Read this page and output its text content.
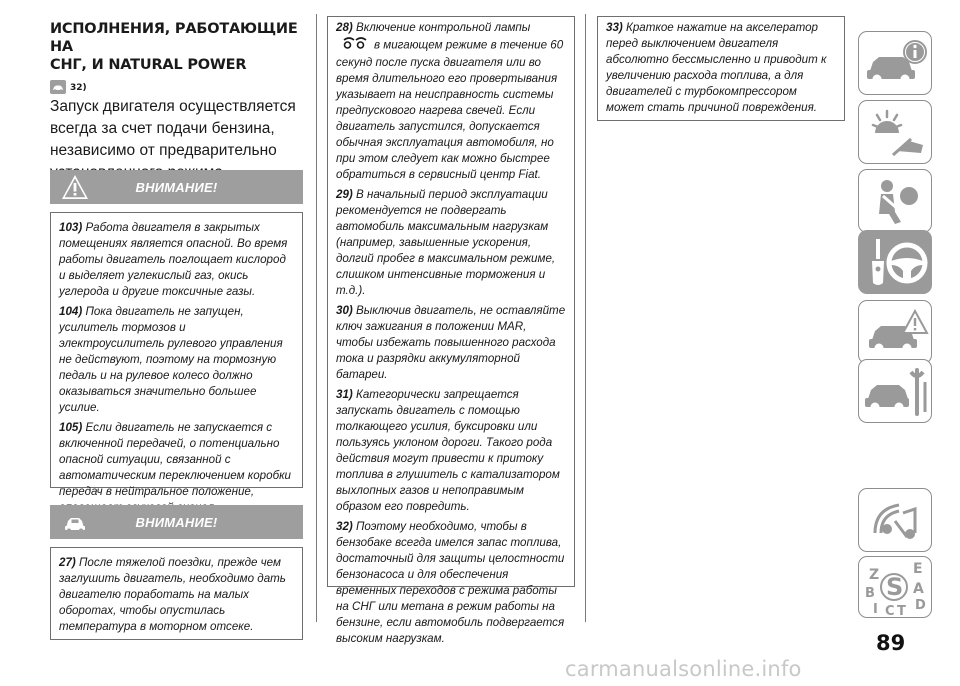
ИСПОЛНЕНИЯ, РАБОТАЮЩИЕ НА
СНГ, И NATURAL POWER
32)
Запуск двигателя осуществляется всегда за счет подачи бензина, независимо от предварительно
ВНИМАНИЕ!
103) Работа двигателя в закрытых помещениях является опасной. Во время работы двигатель поглощает кислород и выделяет углекислый газ, окись углерода и другие токсичные газы.
104) Пока двигатель не запущен, усилитель тормозов и электроусилитель рулевого управления не действуют, поэтому на тормозную педаль и на рулевое колесо должно оказываться значительно большее усилие.
105) Если двигатель не запускается с включенной передачей, о потенциально опасной ситуации, связанной с автоматическим переключением коробки передач в нейтральное положение,
ВНИМАНИЕ!
27) После тяжелой поездки, прежде чем заглушить двигатель, необходимо дать двигателю поработать на малых оборотах, чтобы опустилась температура в моторном отсеке.
28) Включение контрольной лампы
в мигающем режиме в течение 60 секунд после пуска двигателя или во время длительного его провертывания указывает на неисправность системы предпускового нагрева свечей. Если двигатель запустился, допускается обычная эксплуатация автомобиля, но при этом следует как можно быстрее обратиться в сервисный центр Fiat.
29) В начальный период эксплуатации рекомендуется не подвергать автомобиль максимальным нагрузкам (например, завышенные ускорения, долгий пробег в максимальном режиме, слишком интенсивные торможения и т.д.).
30) Выключив двигатель, не оставляйте ключ зажигания в положении MAR, чтобы избежать повышенного расхода тока и разрядки аккумуляторной батареи.
31) Категорически запрещается запускать двигатель с помощью толкающего усилия, буксировки или пользуясь уклоном дороги. Такого рода действия могут привести к притоку топлива в глушитель с катализатором выхлопных газов и непоправимым образом его повредить.
32) Поэтому необходимо, чтобы в бензобаке всегда имелся запас топлива, достаточный для защиты целостности бензонасоса и для обеспечения временных переходов с режима работы на СНГ или метана в режим работы на бензине, если автомобиль подвергается высоким нагрузкам.
33) Краткое нажатие на акселератор перед выключением двигателя абсолютно бессмысленно и приводит к увеличению расхода топлива, а для двигателей с турбокомпрессором может стать причиной повреждения.
Z E
B S A
I C T D
89
carmanualsonline.info
